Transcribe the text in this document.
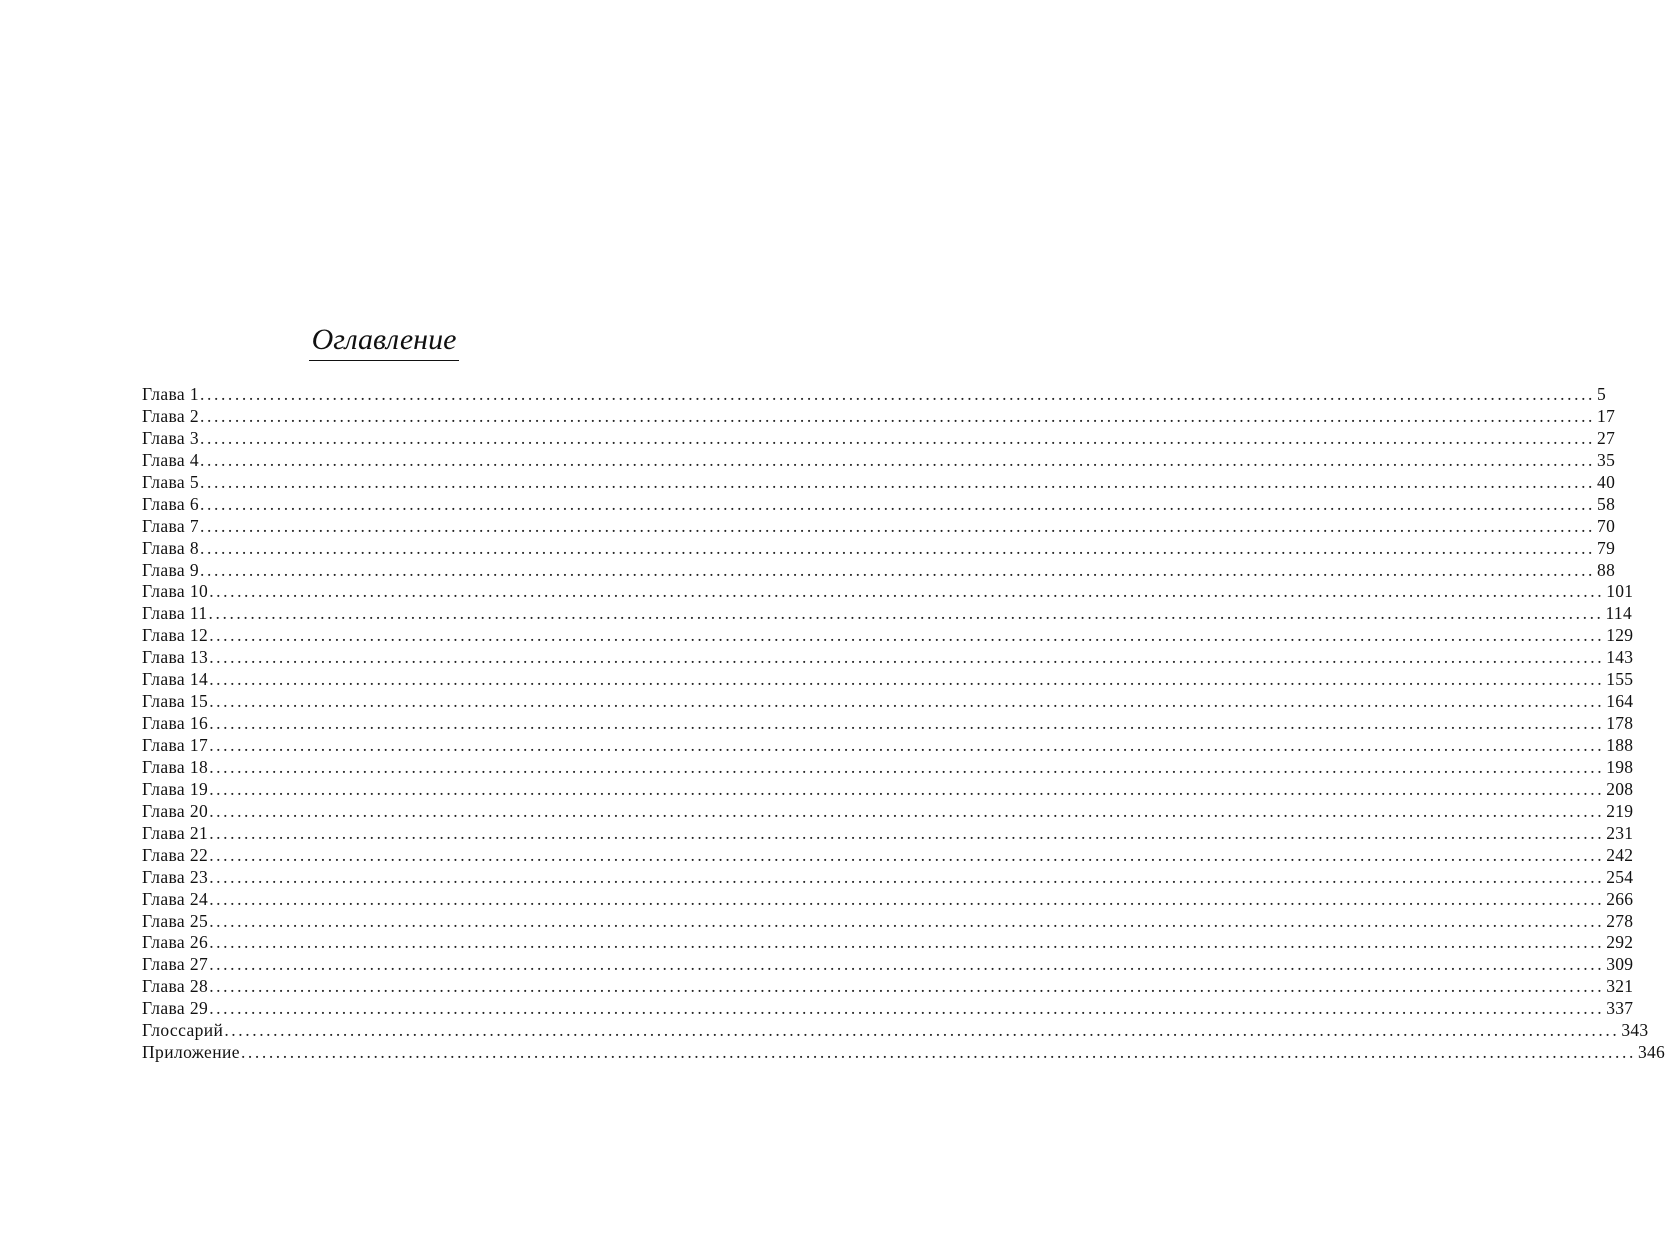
Оглавление
Глава 1 ........................................................................................................................................................................................................ 5
Глава 2 ........................................................................................................................................................................................................ 17
Глава 3 ........................................................................................................................................................................................................ 27
Глава 4 ........................................................................................................................................................................................................ 35
Глава 5 ........................................................................................................................................................................................................ 40
Глава 6 ........................................................................................................................................................................................................ 58
Глава 7 ........................................................................................................................................................................................................ 70
Глава 8 ........................................................................................................................................................................................................ 79
Глава 9 ........................................................................................................................................................................................................ 88
Глава 10 ........................................................................................................................................................................................................ 101
Глава 11 ........................................................................................................................................................................................................ 114
Глава 12 ........................................................................................................................................................................................................ 129
Глава 13 ........................................................................................................................................................................................................ 143
Глава 14 ........................................................................................................................................................................................................ 155
Глава 15 ........................................................................................................................................................................................................ 164
Глава 16 ........................................................................................................................................................................................................ 178
Глава 17 ........................................................................................................................................................................................................ 188
Глава 18 ........................................................................................................................................................................................................ 198
Глава 19 ........................................................................................................................................................................................................ 208
Глава 20 ........................................................................................................................................................................................................ 219
Глава 21 ........................................................................................................................................................................................................ 231
Глава 22 ........................................................................................................................................................................................................ 242
Глава 23 ........................................................................................................................................................................................................ 254
Глава 24 ........................................................................................................................................................................................................ 266
Глава 25 ........................................................................................................................................................................................................ 278
Глава 26 ........................................................................................................................................................................................................ 292
Глава 27 ........................................................................................................................................................................................................ 309
Глава 28 ........................................................................................................................................................................................................ 321
Глава 29 ........................................................................................................................................................................................................ 337
Глоссарий ........................................................................................................................................................................................................ 343
Приложение ........................................................................................................................................................................................................ 346
